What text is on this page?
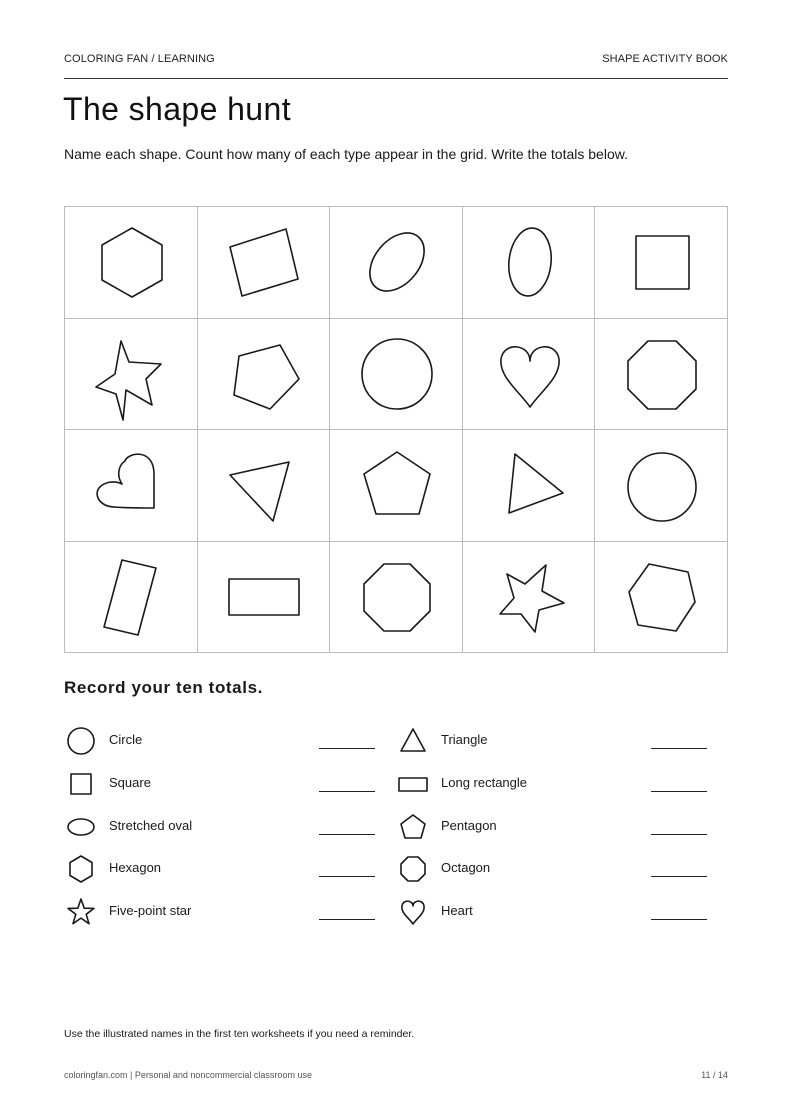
COLORING FAN / LEARNING	SHAPE ACTIVITY BOOK
The shape hunt

Name each shape. Count how many of each type appear in the grid. Write the totals below.

Record your ten totals.
Circle	Triangle
Square	Long rectangle
Stretched oval	Pentagon
Hexagon	Octagon
Five-point star	Heart
Use the illustrated names in the first ten worksheets if you need a reminder.
coloringfan.com | Personal and noncommercial classroom use	11 / 14
